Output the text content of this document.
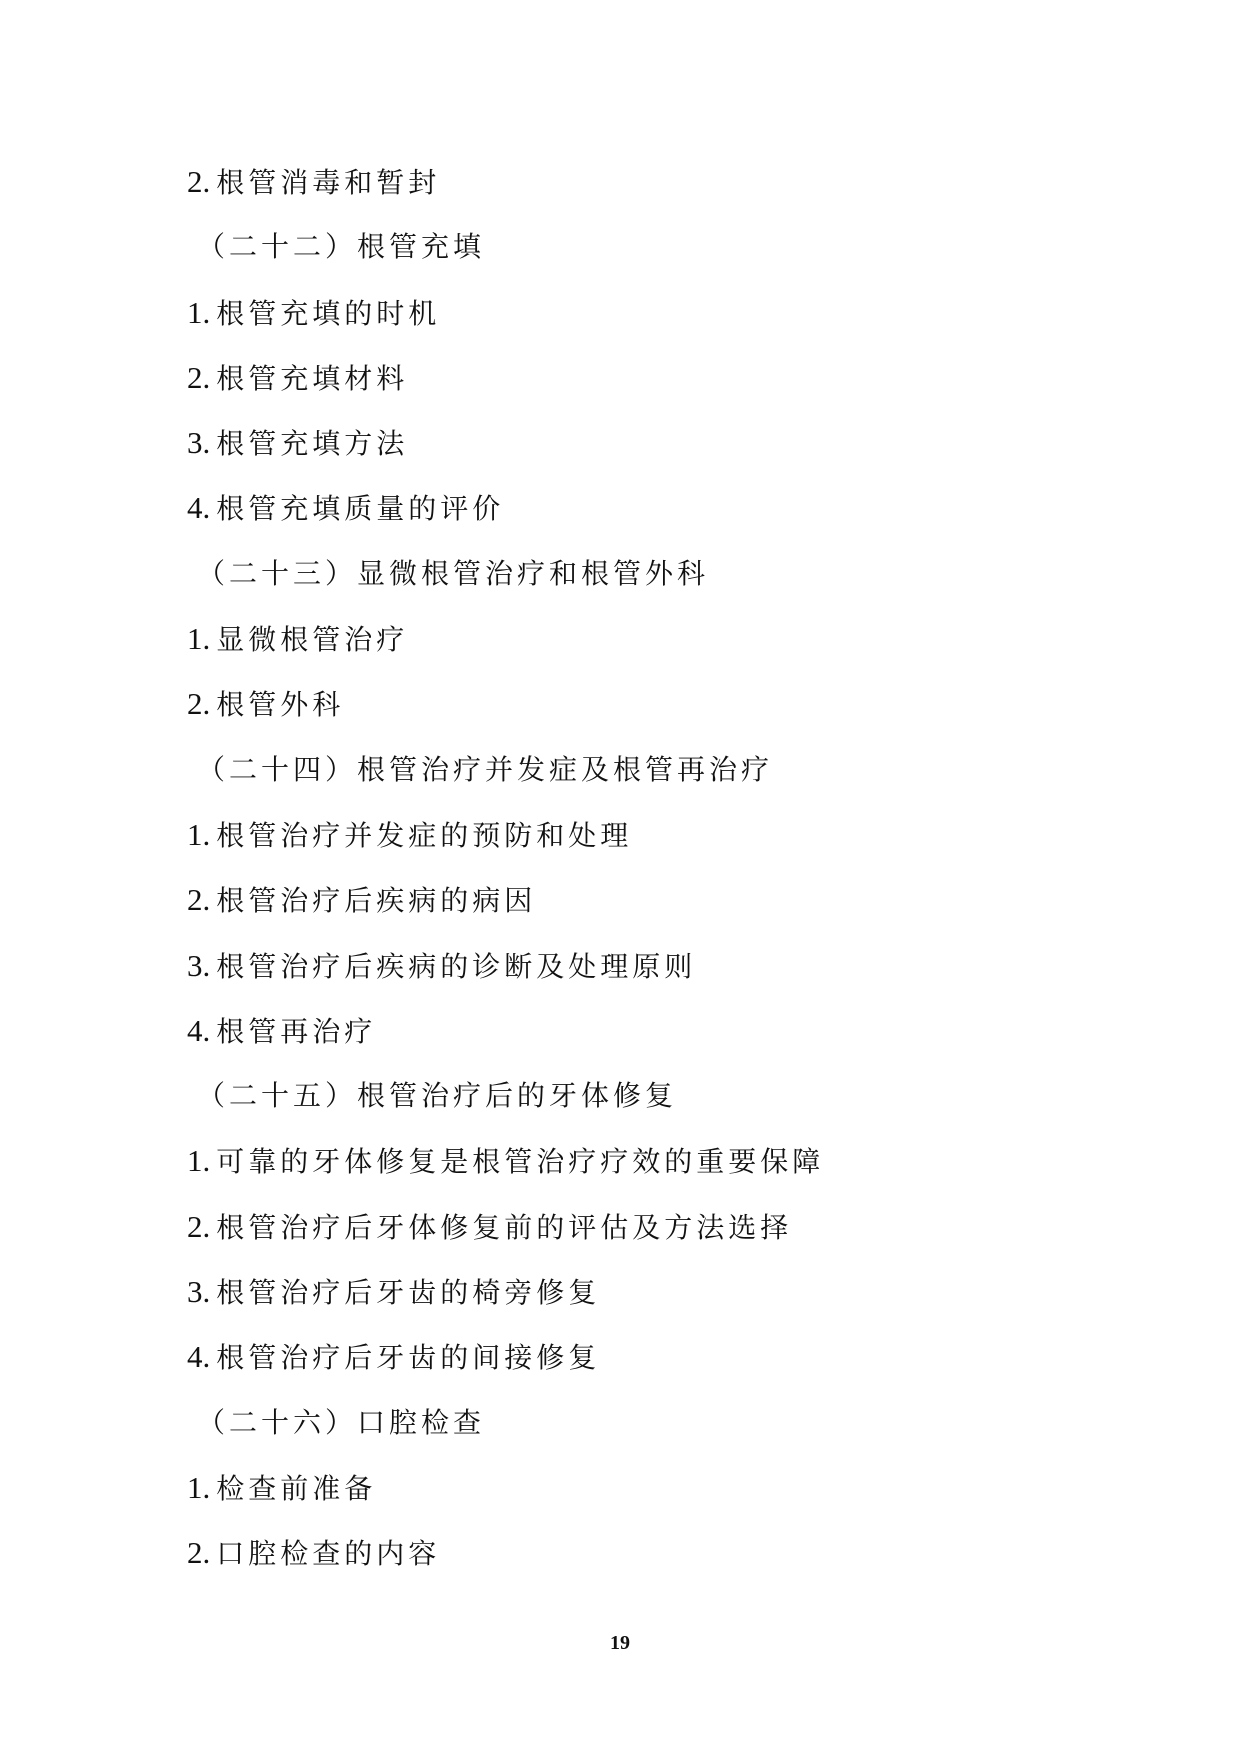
2. 根管消毒和暂封
（二十二）根管充填
1. 根管充填的时机
2. 根管充填材料
3. 根管充填方法
4. 根管充填质量的评价
（二十三）显微根管治疗和根管外科
1. 显微根管治疗
2. 根管外科
（二十四）根管治疗并发症及根管再治疗
1. 根管治疗并发症的预防和处理
2. 根管治疗后疾病的病因
3. 根管治疗后疾病的诊断及处理原则
4. 根管再治疗
（二十五）根管治疗后的牙体修复
1. 可靠的牙体修复是根管治疗疗效的重要保障
2. 根管治疗后牙体修复前的评估及方法选择
3. 根管治疗后牙齿的椅旁修复
4. 根管治疗后牙齿的间接修复
（二十六）口腔检查
1. 检查前准备
2. 口腔检查的内容
19
